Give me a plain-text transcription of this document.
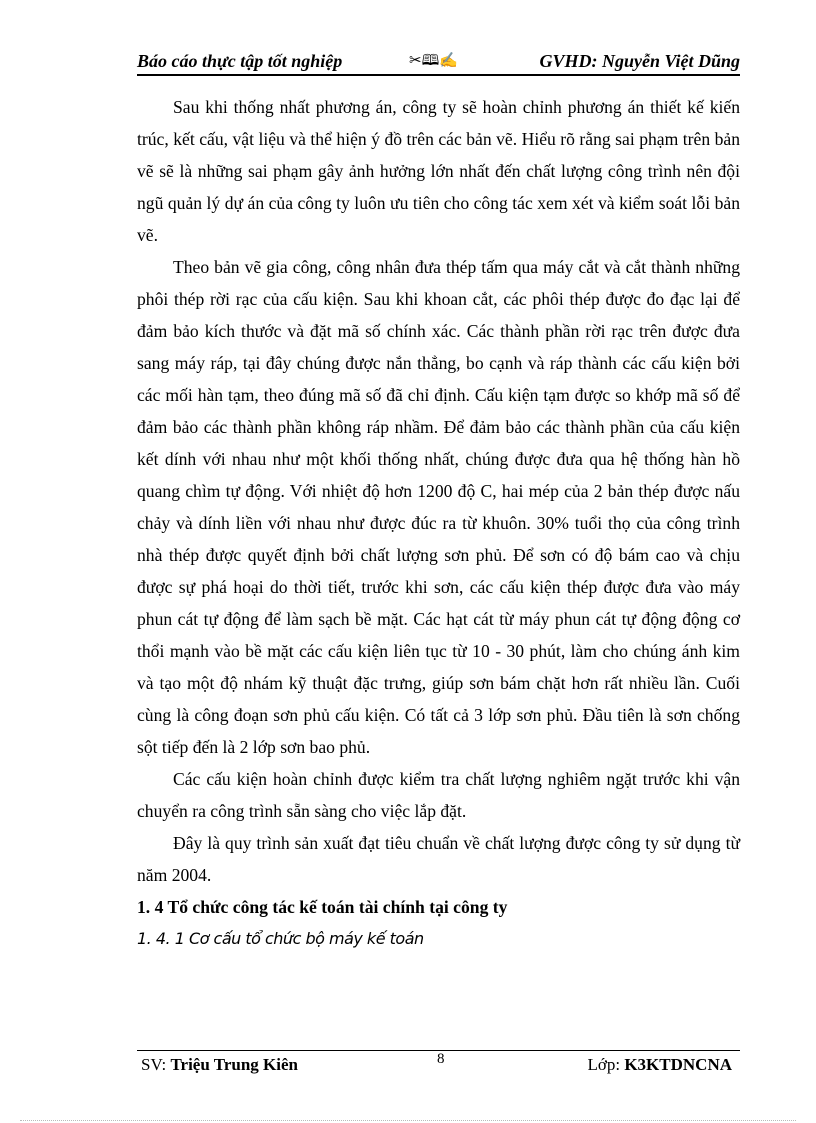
Báo cáo thực tập tốt nghiệp	✂🕮✍	GVHD: Nguyễn Việt Dũng

Sau khi thống nhất phương án, công ty sẽ hoàn chỉnh phương án thiết kế kiến trúc, kết cấu, vật liệu và thể hiện ý đồ trên các bản vẽ. Hiểu rõ rằng sai phạm trên bản vẽ sẽ là những sai phạm gây ảnh hưởng lớn nhất đến chất lượng công trình nên đội ngũ quản lý dự án của công ty luôn ưu tiên cho công tác xem xét và kiểm soát lỗi bản vẽ.

Theo bản vẽ gia công, công nhân đưa thép tấm qua máy cắt và cắt thành những phôi thép rời rạc của cấu kiện. Sau khi khoan cắt, các phôi thép được đo đạc lại để đảm bảo kích thước và đặt mã số chính xác. Các thành phần rời rạc trên được đưa sang máy ráp, tại đây chúng được nắn thẳng, bo cạnh và ráp thành các cấu kiện bởi các mối hàn tạm, theo đúng mã số đã chỉ định. Cấu kiện tạm được so khớp mã số để đảm bảo các thành phần không ráp nhầm. Để đảm bảo các thành phần của cấu kiện kết dính với nhau như một khối thống nhất, chúng được đưa qua hệ thống hàn hồ quang chìm tự động. Với nhiệt độ hơn 1200 độ C, hai mép của 2 bản thép được nấu chảy và dính liền với nhau như được đúc ra từ khuôn. 30% tuổi thọ của công trình nhà thép được quyết định bởi chất lượng sơn phủ. Để sơn có độ bám cao và chịu được sự phá hoại do thời tiết, trước khi sơn, các cấu kiện thép được đưa vào máy phun cát tự động để làm sạch bề mặt. Các hạt cát từ máy phun cát tự động động cơ thổi mạnh vào bề mặt các cấu kiện liên tục từ 10 - 30 phút, làm cho chúng ánh kim và tạo một độ nhám kỹ thuật đặc trưng, giúp sơn bám chặt hơn rất nhiều lần. Cuối cùng là công đoạn sơn phủ cấu kiện. Có tất cả 3 lớp sơn phủ. Đầu tiên là sơn chống sột tiếp đến là 2 lớp sơn bao phủ.

Các cấu kiện hoàn chỉnh được kiểm tra chất lượng nghiêm ngặt trước khi vận chuyển ra công trình sẵn sàng cho việc lắp đặt.

Đây là quy trình sản xuất đạt tiêu chuẩn về chất lượng được công ty sử dụng từ năm 2004.

1. 4 Tổ chức công tác kế toán tài chính tại công ty
1. 4. 1 Cơ cấu tổ chức bộ máy kế toán
SV: Triệu Trung Kiên	8	Lớp: K3KTDNCNA
